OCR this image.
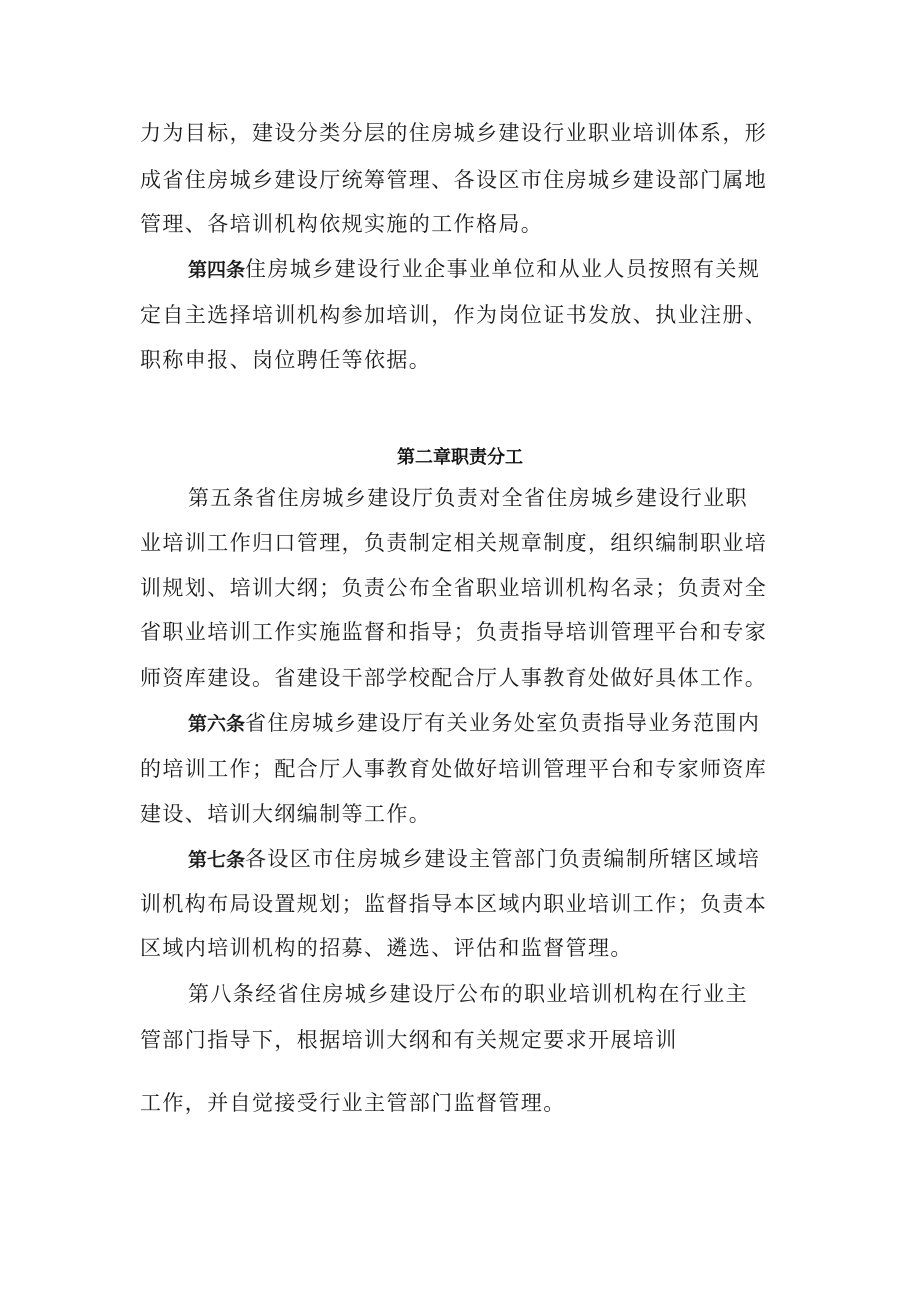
力为目标，建设分类分层的住房城乡建设行业职业培训体系，形
成省住房城乡建设厅统筹管理、各设区市住房城乡建设部门属地
管理、各培训机构依规实施的工作格局。
第四条住房城乡建设行业企事业单位和从业人员按照有关规
定自主选择培训机构参加培训，作为岗位证书发放、执业注册、
职称申报、岗位聘任等依据。
第二章职责分工
第五条省住房城乡建设厅负责对全省住房城乡建设行业职
业培训工作归口管理，负责制定相关规章制度，组织编制职业培
训规划、培训大纲；负责公布全省职业培训机构名录；负责对全
省职业培训工作实施监督和指导；负责指导培训管理平台和专家
师资库建设。省建设干部学校配合厅人事教育处做好具体工作。
第六条省住房城乡建设厅有关业务处室负责指导业务范围内
的培训工作；配合厅人事教育处做好培训管理平台和专家师资库
建设、培训大纲编制等工作。
第七条各设区市住房城乡建设主管部门负责编制所辖区域培
训机构布局设置规划；监督指导本区域内职业培训工作；负责本
区域内培训机构的招募、遴选、评估和监督管理。
第八条经省住房城乡建设厅公布的职业培训机构在行业主
管部门指导下，根据培训大纲和有关规定要求开展培训
工作，并自觉接受行业主管部门监督管理。
